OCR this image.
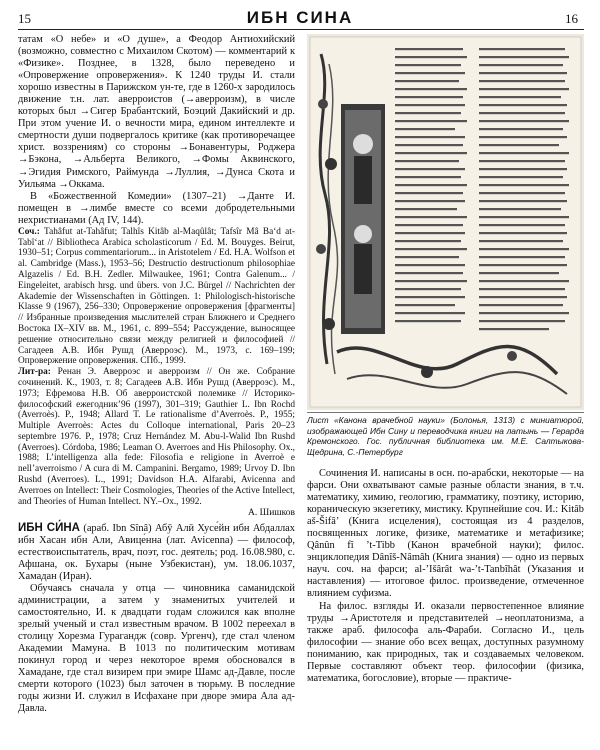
15	ИБН СИНА	16

татам «О небе» и «О душе», а Феодор Антиохийский (возможно, совместно с Михаилом Скотом) — комментарий к «Физике». Позднее, в 1328, было переведено и «Опровержение опровержения». К 1240 труды И. стали хорошо известны в Парижском ун-те, где в 1260-х зародилось движение т.н. лат. аверроистов (→аверроизм), в числе которых был →Сигер Брабантский, Боэций Дакийский и др. При этом учение И. о вечности мира, едином интеллекте и смертности души подвергалось критике (как противоречащее христ. воззрениям) со стороны →Бонавентуры, Роджера →Бэкона, →Альберта Великого, →Фомы Аквинского, →Эгидия Римского, Раймунда →Луллия, →Дунса Скота и Уильяма →Оккама.

В «Божественной Комедии» (1307–21) →Данте И. помещен в →лимбе вместе со всеми добродетельными нехристианами (Ад IV, 144).

Соч.: Tahâfut at-Tahâfut; Talhîs Kitâb al-Maqûlât; Tafsîr Mâ Ba‘d at-Tabî‘at // Bibliotheca Arabica scholasticorum / Ed. M. Bouyges. Beirut, 1930–51; Corpus commentariorum... in Aristotelem / Ed. H.A. Wolfson et al. Cambridge (Mass.), 1953–56; Destructio destructionum philosophiae Algazelis / Ed. B.H. Zedler. Milwaukee, 1961; Contra Galenum... / Eingeleitet, arabisch hrsg. und übers. von J.C. Bürgel // Nachrichten der Akademie der Wissenschaften in Göttingen. 1: Philologisch-historische Klasse 9 (1967), 256–330; Опровержение опровержения [фрагменты] // Избранные произведения мыслителей стран Ближнего и Среднего Востока IX–XIV вв. М., 1961, с. 899–554; Рассуждение, выносящее решение относительно связи между религией и философией // Сагадеев А.В. Ибн Рушд (Аверроэс). М., 1973, с. 169–199; Опровержение опровержения. СПб., 1999.

Лит-ра: Ренан Э. Аверроэс и аверроизм // Он же. Собрание сочинений. К., 1903, т. 8; Сагадеев А.В. Ибн Рушд (Аверроэс). М., 1973; Ефремова Н.В. Об аверроистской полемике // Историко-философский ежегодник’96 (1997), 301–319; Gauthier L. Ibn Rochd (Averroès). P., 1948; Allard T. Le rationalisme d’Averroès. P., 1955; Multiple Averroès: Actes du Colloque international, Paris 20–23 septembre 1976. P., 1978; Cruz Hernández M. Abu-l-Walid Ibn Rushd (Averroes). Córdoba, 1986; Leaman O. Averroes and His Philosophy. Ox., 1988; L’intelligenza alla fede: Filosofia e religione in Averroè e nell’averroismo / A cura di M. Campanini. Bergamo, 1989; Urvoy D. Ibn Rushd (Averroes). L., 1991; Davidson H.A. Alfarabi, Avicenna and Averroes on Intellect: Their Cosmologies, Theories of the Active Intellect, and Theories of Human Intellect. NY.–Ox., 1992.

А. Шишков

ИБН СИ́НА (араб. Ibn Sînâ) Абӯ Алӣ Хусе́йн ибн Абдаллах ибн Хасан ибн Али, Авице́нна (лат. Avicenna) — философ, естествоиспытатель, врач, поэт, гос. деятель; род. 16.08.980, с. Афшана, ок. Бухары (ныне Узбекистан), ум. 18.06.1037, Хамадан (Иран).

Обучаясь сначала у отца — чиновника саманидской администрации, а затем у знаменитых учителей и самостоятельно, И. к двадцати годам сложился как вполне зрелый ученый и стал известным врачом. В 1002 переехал в столицу Хорезма Гурагандж (совр. Ургенч), где стал членом Академии Мамуна. В 1013 по политическим мотивам покинул город и через некоторое время обосновался в Хамадане, где стал визирем при эмире Шамс ад-Давле, после смерти которого (1023) был заточен в тюрьму. В последние годы жизни И. служил в Исфахане при дворе эмира Ала ад-Давла.

Лист «Канона врачебной науки» (Болонья, 1313) с миниатюрой, изображающей Ибн Сину и переводчика книги на латынь — Герарда Кремонского. Гос. публичная библиотека им. М.Е. Салтыкова-Щедрина, С.-Петербург

Сочинения И. написаны в осн. по-арабски, некоторые — на фарси. Они охватывают самые разные области знания, в т.ч. математику, химию, геологию, грамматику, поэтику, историю, кораническую экзегетику, мистику. Крупнейшие соч. И.: Kitâb aš-Šifâ’ (Книга исцеления), состоящая из 4 разделов, посвященных логике, физике, математике и метафизике; Qânûn fî ’t-Tibb (Канон врачебной науки); филос. энциклопедия Dânîš-Nâmâh (Книга знания) — одно из первых науч. соч. на фарси; al-’Išârât wa-’t-Tanbîhât (Указания и наставления) — итоговое филос. произведение, отмеченное влиянием суфизма.

На филос. взгляды И. оказали первостепенное влияние труды →Аристотеля и представителей →неоплатонизма, а также араб. философа аль-Фараби. Согласно И., цель философии — знание обо всех вещах, доступных разумному пониманию, как природных, так и создаваемых человеком. Первые составляют объект теор. философии (физика, математика, богословие), вторые — практиче-
